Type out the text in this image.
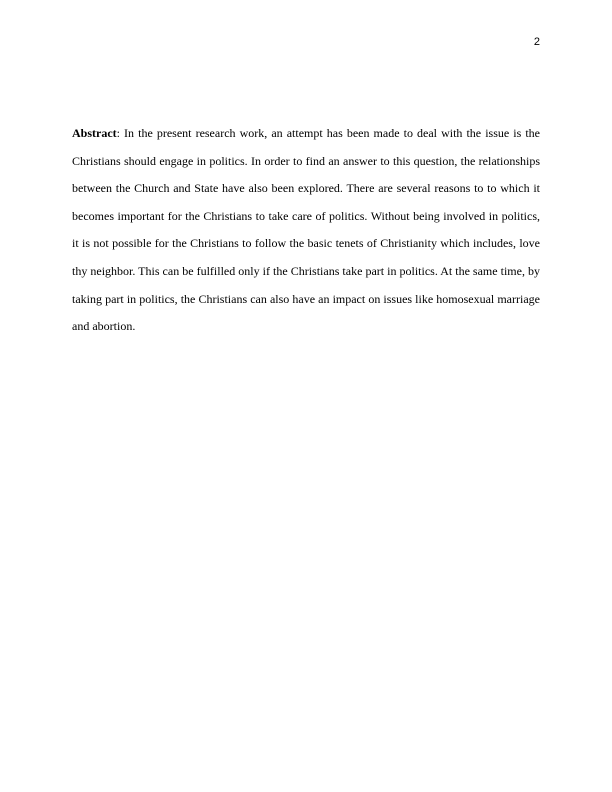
2

Abstract: In the present research work, an attempt has been made to deal with the issue is the Christians should engage in politics. In order to find an answer to this question, the relationships between the Church and State have also been explored. There are several reasons to to which it becomes important for the Christians to take care of politics. Without being involved in politics, it is not possible for the Christians to follow the basic tenets of Christianity which includes, love thy neighbor. This can be fulfilled only if the Christians take part in politics. At the same time, by taking part in politics, the Christians can also have an impact on issues like homosexual marriage and abortion.
